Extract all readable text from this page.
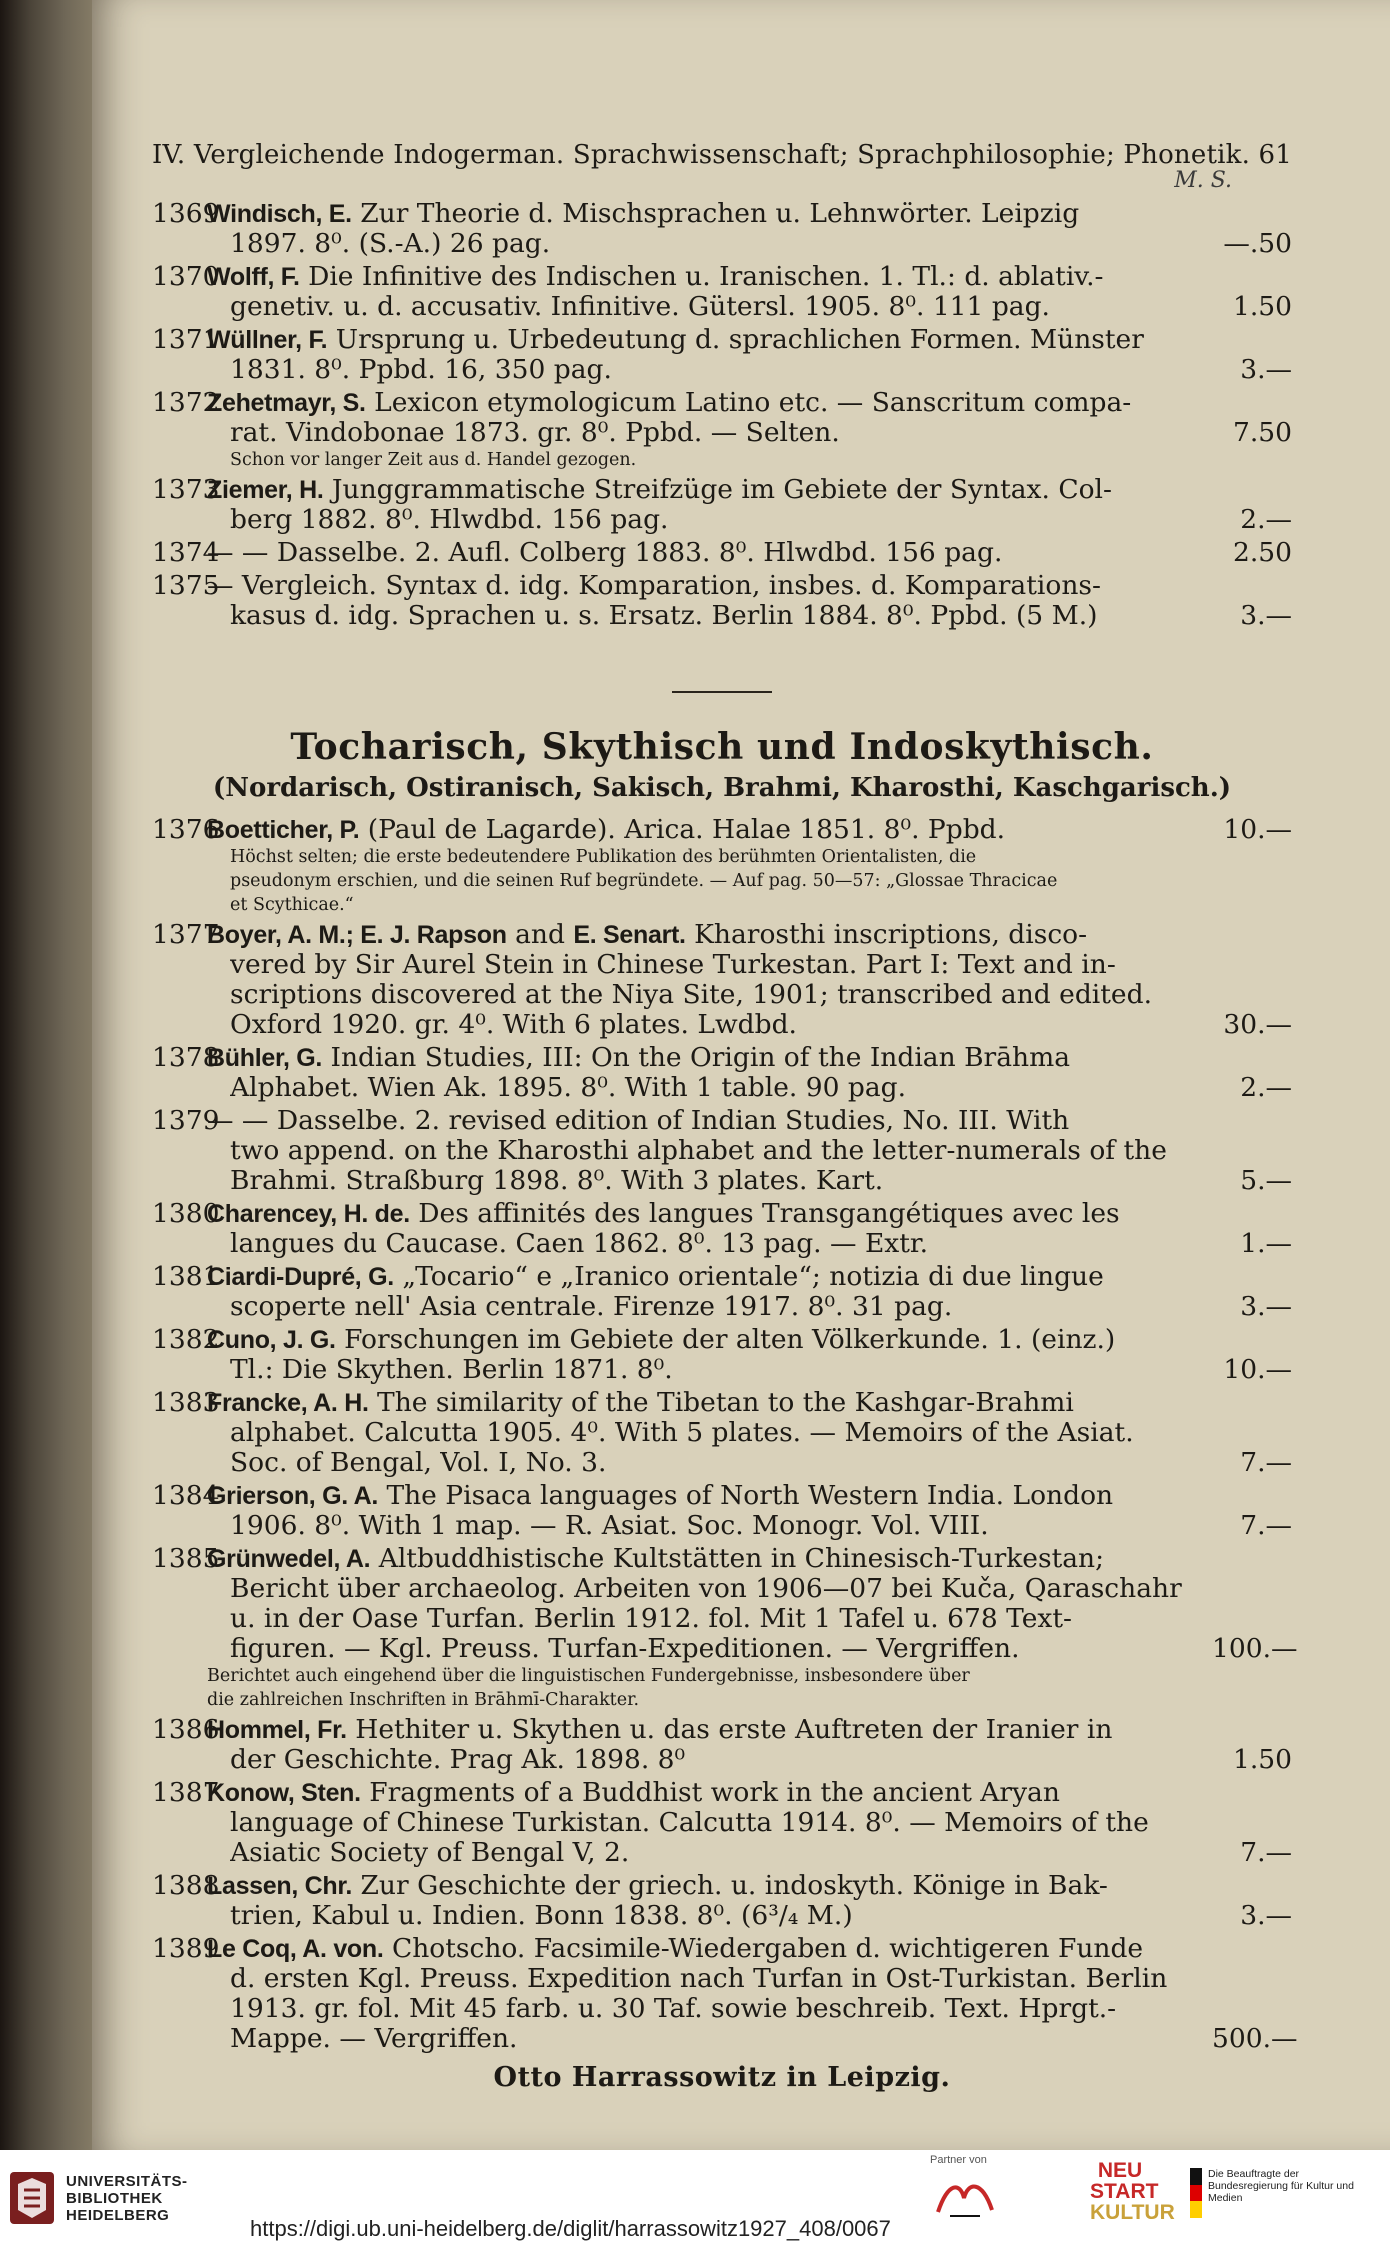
IV. Vergleichende Indogerman. Sprachwissenschaft; Sprachphilosophie; Phonetik. 61
M. S.
1369
Windisch, E. Zur Theorie d. Mischsprachen u. Lehnwörter. Leipzig
1897. 8⁰. (S.-A.) 26 pag.	—.50
1370
Wolff, F. Die Infinitive des Indischen u. Iranischen. 1. Tl.: d. ablativ.-
genetiv. u. d. accusativ. Infinitive. Gütersl. 1905. 8⁰. 111 pag.	1.50
1371
Wüllner, F. Ursprung u. Urbedeutung d. sprachlichen Formen. Münster
1831. 8⁰. Ppbd. 16, 350 pag.	3.—
1372
Zehetmayr, S. Lexicon etymologicum Latino etc. — Sanscritum compa-
rat. Vindobonae 1873. gr. 8⁰. Ppbd. — Selten.	7.50
Schon vor langer Zeit aus d. Handel gezogen.
1373
Ziemer, H. Junggrammatische Streifzüge im Gebiete der Syntax. Col-
berg 1882. 8⁰. Hlwdbd. 156 pag.	2.—
1374
— — Dasselbe. 2. Aufl. Colberg 1883. 8⁰. Hlwdbd. 156 pag.	2.50
1375
— Vergleich. Syntax d. idg. Komparation, insbes. d. Komparations-
kasus d. idg. Sprachen u. s. Ersatz. Berlin 1884. 8⁰. Ppbd. (5 M.)	3.—
Tocharisch, Skythisch und Indoskythisch.
(Nordarisch, Ostiranisch, Sakisch, Brahmi, Kharosthi, Kaschgarisch.)
1376
Boetticher, P. (Paul de Lagarde). Arica. Halae 1851. 8⁰. Ppbd.	10.—
Höchst selten; die erste bedeutendere Publikation des berühmten Orientalisten, die
pseudonym erschien, und die seinen Ruf begründete. — Auf pag. 50—57: „Glossae Thracicae
et Scythicae.“
1377
Boyer, A. M.; E. J. Rapson and E. Senart. Kharosthi inscriptions, disco-
vered by Sir Aurel Stein in Chinese Turkestan. Part I: Text and in-
scriptions discovered at the Niya Site, 1901; transcribed and edited.
Oxford 1920. gr. 4⁰. With 6 plates. Lwdbd.	30.—
1378
Bühler, G. Indian Studies, III: On the Origin of the Indian Brāhma
Alphabet. Wien Ak. 1895. 8⁰. With 1 table. 90 pag.	2.—
1379
— — Dasselbe. 2. revised edition of Indian Studies, No. III. With
two append. on the Kharosthi alphabet and the letter-numerals of the
Brahmi. Straßburg 1898. 8⁰. With 3 plates. Kart.	5.—
1380
Charencey, H. de. Des affinités des langues Transgangétiques avec les
langues du Caucase. Caen 1862. 8⁰. 13 pag. — Extr.	1.—
1381
Ciardi-Dupré, G. „Tocario“ e „Iranico orientale“; notizia di due lingue
scoperte nell' Asia centrale. Firenze 1917. 8⁰. 31 pag.	3.—
1382
Cuno, J. G. Forschungen im Gebiete der alten Völkerkunde. 1. (einz.)
Tl.: Die Skythen. Berlin 1871. 8⁰.	10.—
1383
Francke, A. H. The similarity of the Tibetan to the Kashgar-Brahmi
alphabet. Calcutta 1905. 4⁰. With 5 plates. — Memoirs of the Asiat.
Soc. of Bengal, Vol. I, No. 3.	7.—
1384
Grierson, G. A. The Pisaca languages of North Western India. London
1906. 8⁰. With 1 map. — R. Asiat. Soc. Monogr. Vol. VIII.	7.—
1385
Grünwedel, A. Altbuddhistische Kultstätten in Chinesisch-Turkestan;
Bericht über archaeolog. Arbeiten von 1906—07 bei Kuča, Qaraschahr
u. in der Oase Turfan. Berlin 1912. fol. Mit 1 Tafel u. 678 Text-
figuren. — Kgl. Preuss. Turfan-Expeditionen. — Vergriffen.	100.—
Berichtet auch eingehend über die linguistischen Fundergebnisse, insbesondere über
die zahlreichen Inschriften in Brāhmī-Charakter.
1386
Hommel, Fr. Hethiter u. Skythen u. das erste Auftreten der Iranier in
der Geschichte. Prag Ak. 1898. 8⁰	1.50
1387
Konow, Sten. Fragments of a Buddhist work in the ancient Aryan
language of Chinese Turkistan. Calcutta 1914. 8⁰. — Memoirs of the
Asiatic Society of Bengal V, 2.	7.—
1388
Lassen, Chr. Zur Geschichte der griech. u. indoskyth. Könige in Bak-
trien, Kabul u. Indien. Bonn 1838. 8⁰. (6³/₄ M.)	3.—
1389
Le Coq, A. von. Chotscho. Facsimile-Wiedergaben d. wichtigeren Funde
d. ersten Kgl. Preuss. Expedition nach Turfan in Ost-Turkistan. Berlin
1913. gr. fol. Mit 45 farb. u. 30 Taf. sowie beschreib. Text. Hprgt.-
Mappe. — Vergriffen.	500.—
Otto Harrassowitz in Leipzig.
UNIVERSITÄTS-
BIBLIOTHEK
HEIDELBERG
https://digi.ub.uni-heidelberg.de/diglit/harrassowitz1927_408/0067
Partner von	NEU
START
KULTUR
Die Beauftragte der Bundesregierung für Kultur und Medien
